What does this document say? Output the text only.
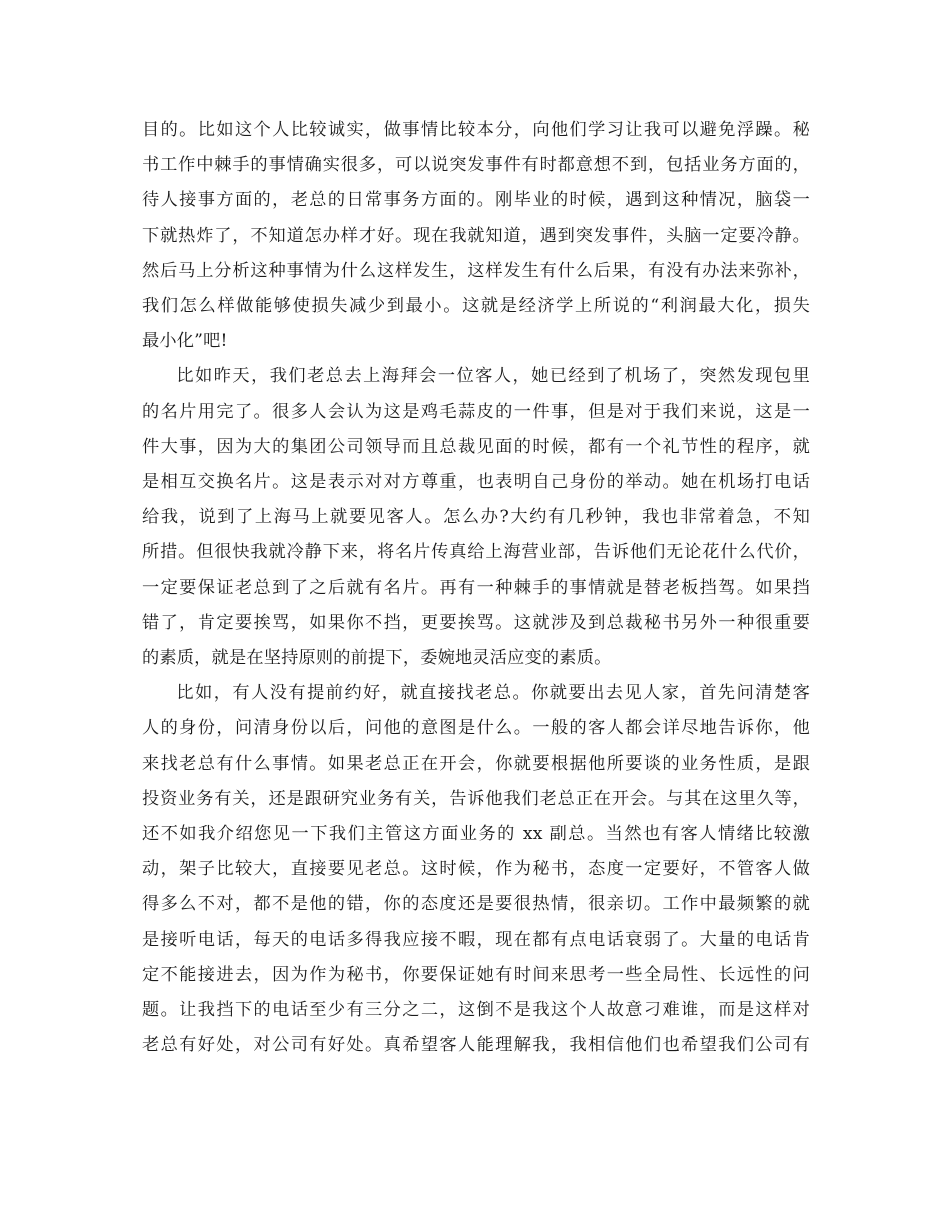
目的。比如这个人比较诚实，做事情比较本分，向他们学习让我可以避免浮躁。秘
书工作中棘手的事情确实很多，可以说突发事件有时都意想不到，包括业务方面的，
待人接事方面的，老总的日常事务方面的。刚毕业的时候，遇到这种情况，脑袋一
下就热炸了，不知道怎办样才好。现在我就知道，遇到突发事件，头脑一定要冷静。
然后马上分析这种事情为什么这样发生，这样发生有什么后果，有没有办法来弥补，
我们怎么样做能够使损失减少到最小。这就是经济学上所说的“利润最大化，损失
最小化”吧!

比如昨天，我们老总去上海拜会一位客人，她已经到了机场了，突然发现包里
的名片用完了。很多人会认为这是鸡毛蒜皮的一件事，但是对于我们来说，这是一
件大事，因为大的集团公司领导而且总裁见面的时候，都有一个礼节性的程序，就
是相互交换名片。这是表示对对方尊重，也表明自己身份的举动。她在机场打电话
给我，说到了上海马上就要见客人。怎么办?大约有几秒钟，我也非常着急，不知
所措。但很快我就冷静下来，将名片传真给上海营业部，告诉他们无论花什么代价，
一定要保证老总到了之后就有名片。再有一种棘手的事情就是替老板挡驾。如果挡
错了，肯定要挨骂，如果你不挡，更要挨骂。这就涉及到总裁秘书另外一种很重要
的素质，就是在坚持原则的前提下，委婉地灵活应变的素质。

比如，有人没有提前约好，就直接找老总。你就要出去见人家，首先问清楚客
人的身份，问清身份以后，问他的意图是什么。一般的客人都会详尽地告诉你，他
来找老总有什么事情。如果老总正在开会，你就要根据他所要谈的业务性质，是跟
投资业务有关，还是跟研究业务有关，告诉他我们老总正在开会。与其在这里久等，
还不如我介绍您见一下我们主管这方面业务的 xx 副总。当然也有客人情绪比较激
动，架子比较大，直接要见老总。这时候，作为秘书，态度一定要好，不管客人做
得多么不对，都不是他的错，你的态度还是要很热情，很亲切。工作中最频繁的就
是接听电话，每天的电话多得我应接不暇，现在都有点电话衰弱了。大量的电话肯
定不能接进去，因为作为秘书，你要保证她有时间来思考一些全局性、长远性的问
题。让我挡下的电话至少有三分之二，这倒不是我这个人故意刁难谁，而是这样对
老总有好处，对公司有好处。真希望客人能理解我，我相信他们也希望我们公司有
